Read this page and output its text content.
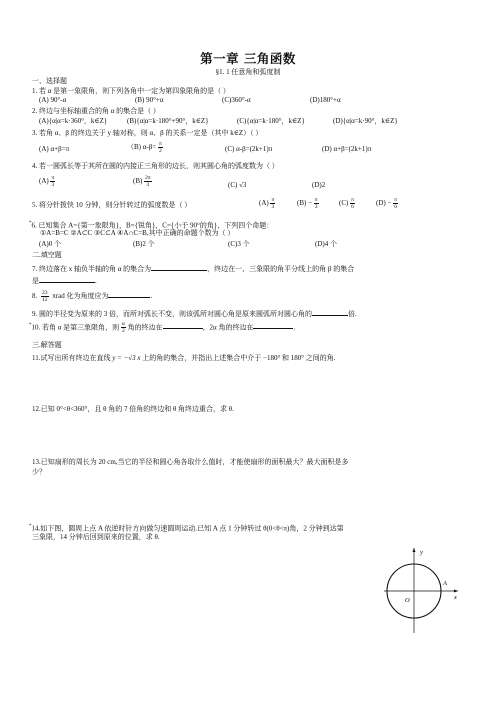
第一章 三角函数
§1. 1 任意角和弧度制
一、选择题
1. 若 α 是第一象限角，则下列各角中一定为第四象限角的是（ ）
(A) 90°-α	(B) 90°+α	(C)360°-α	(D)180°+α
2. 终边与坐标轴重合的角 α 的集合是（ ）
(A){α|α=k·360°，k∈Z}	(B){α|α=k·180°+90°，k∈Z}	(C){α|α=k·180°，k∈Z}	(D){α|α=k·90°，k∈Z}
3. 若角 α、β 的终边关于 y 轴对称，则 α、β 的关系一定是（其中 k∈Z）（ ）
(A) α+β=π	（B) $\alpha-\beta= \frac{\pi}{2}$	(C) α-β=(2k+1)π	(D) α+β=(2k+1)π
4. 若一圆弧长等于其所在圆的内接正三角形的边长，则其圆心角的弧度数为（ ）
$(A) \frac{\pi}{3}$	$(B) \frac{2\pi}{3}$	(C) √3	(D)2
5. 将分针拨快 10 分钟，则分针转过的弧度数是（ ）	$(A) \frac{\pi}{3}$	$(B) - \frac{\pi}{3}$	$(C) \frac{\pi}{6}$	$(D) - \frac{\pi}{6}$
*6. 已知集合 A={第一象限角}，B={锐角}，C={小于 90°的角}，下列四个命题：
①A=B=C ②A⊂C ③C⊂A ④A∩C=B,其中正确的命题个数为（ ）
(A)0 个	(B)2 个	(C)3 个	(D)4 个
二.填空题
7. 终边落在 x 轴负半轴的角 α 的集合为	，终边在一、三象限的角平分线上的角 β 的集合
是	.
8. $\frac{23}{12}$ πrad 化为角度应为	.
9. 圆的半径变为原来的 3 倍，而所对弧长不变，则该弧所对圆心角是原来圆弧所对圆心角的	倍.
*10. 若角 α 是第三象限角，则 $\frac{\alpha}{2}$ 角的终边在	，2α 角的终边在	.
三.解答题
11.试写出所有终边在直线 y = −√3 x 上的角的集合，并指出上述集合中介于 −180° 和 180° 之间的角.
12.已知 0°<θ<360°，且 θ 角的 7 倍角的终边和 θ 角终边重合，求 θ.
13.已知扇形的周长为 20 cm,当它的半径和圆心角各取什么值时，才能使扇形的面积最大？最大面积是多
少？
*14.如下图，圆周上点 A 依逆时针方向做匀速圆周运动.已知 A 点 1 分钟转过 θ(0<θ<π)角，2 分钟到达第
三象限，14 分钟后回到原来的位置，求 θ.
y
x
O
A
